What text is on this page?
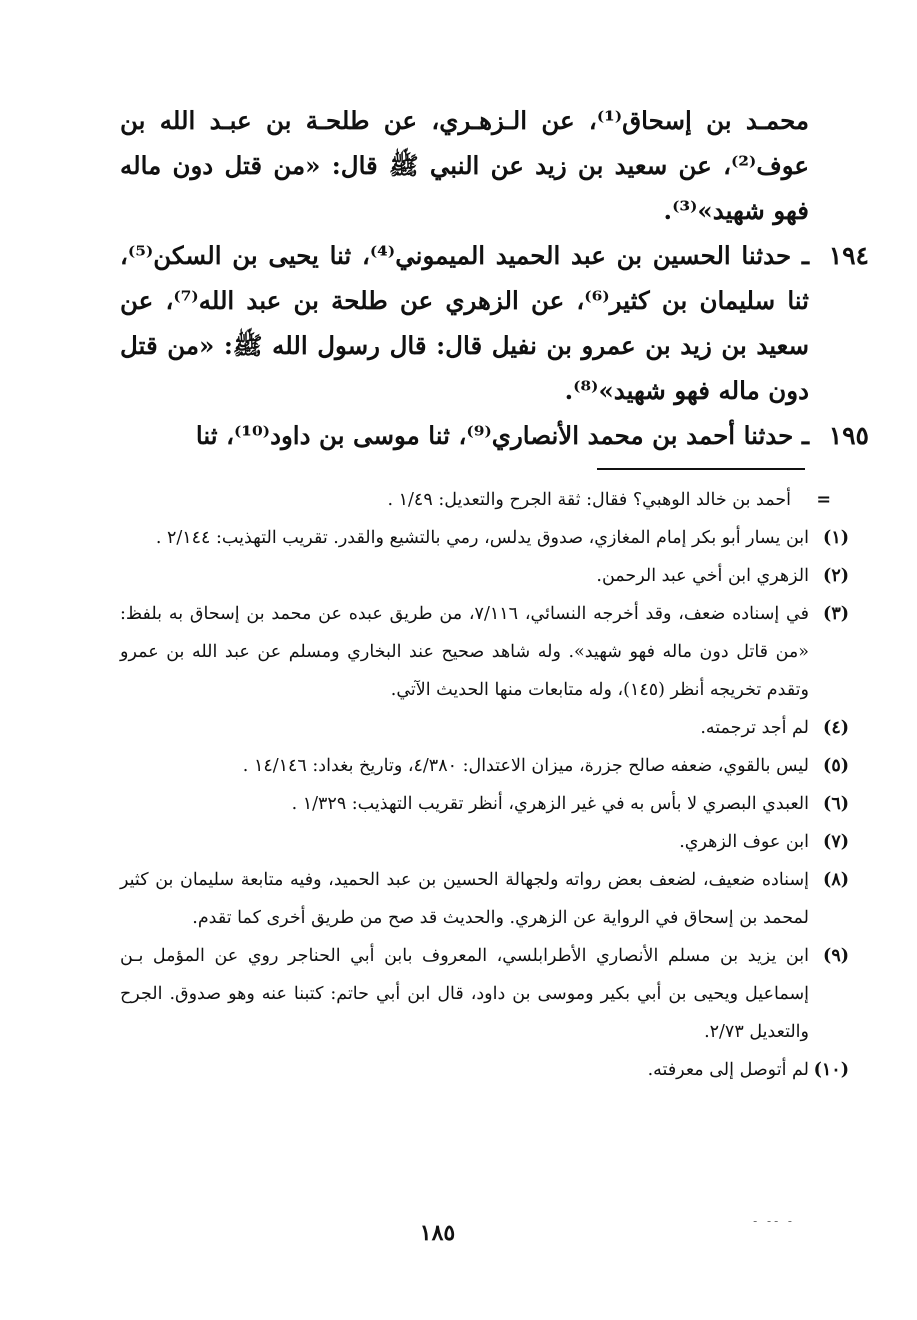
محمـد بن إسحاق⁽¹⁾، عن الـزهـري، عن طلحـة بن عبـد الله بن عوف⁽²⁾، عن سعيد بن زيد عن النبي ﷺ قال: «من قتل دون ماله فهو شهيد»⁽³⁾.

١٩٤
ـ حدثنا الحسين بن عبد الحميد الميموني⁽⁴⁾، ثنا يحيى بن السكن⁽⁵⁾، ثنا سليمان بن كثير⁽⁶⁾، عن الزهري عن طلحة بن عبد الله⁽⁷⁾، عن سعيد بن زيد بن عمرو بن نفيل قال: قال رسول الله ﷺ: «من قتل دون ماله فهو شهيد»⁽⁸⁾.

١٩٥
ـ حدثنا أحمد بن محمد الأنصاري⁽⁹⁾، ثنا موسى بن داود⁽¹⁰⁾، ثنا

=
أحمد بن خالد الوهبي؟ فقال: ثقة الجرح والتعديل: ١/٤٩ .

(١)
ابن يسار أبو بكر إمام المغازي، صدوق يدلس، رمي بالتشيع والقدر. تقريب التهذيب: ٢/١٤٤ .

(٢)
الزهري ابن أخي عبد الرحمن.

(٣)
في إسناده ضعف، وقد أخرجه النسائي، ٧/١١٦، من طريق عبده عن محمد بن إسحاق به بلفظ: «من قاتل دون ماله فهو شهيد». وله شاهد صحيح عند البخاري ومسلم عن عبد الله بن عمرو وتقدم تخريجه أنظر (١٤٥)، وله متابعات منها الحديث الآتي.

(٤)
لم أجد ترجمته.

(٥)
ليس بالقوي، ضعفه صالح جزرة، ميزان الاعتدال: ٤/٣٨٠، وتاريخ بغداد: ١٤/١٤٦ .

(٦)
العبدي البصري لا بأس به في غير الزهري، أنظر تقريب التهذيب: ١/٣٢٩ .

(٧)
ابن عوف الزهري.

(٨)
إسناده ضعيف، لضعف بعض رواته ولجهالة الحسين بن عبد الحميد، وفيه متابعة سليمان بن كثير لمحمد بن إسحاق في الرواية عن الزهري. والحديث قد صح من طريق أخرى كما تقدم.

(٩)
ابن يزيد بن مسلم الأنصاري الأطرابلسي، المعروف بابن أبي الحناجر روي عن المؤمل بـن إسماعيل ويحيى بن أبي بكير وموسى بن داود، قال ابن أبي حاتم: كتبنا عنه وهو صدوق. الجرح والتعديل ٢/٧٣.

(١٠)
لم أتوصل إلى معرفته.

١٨٥	- -- -
